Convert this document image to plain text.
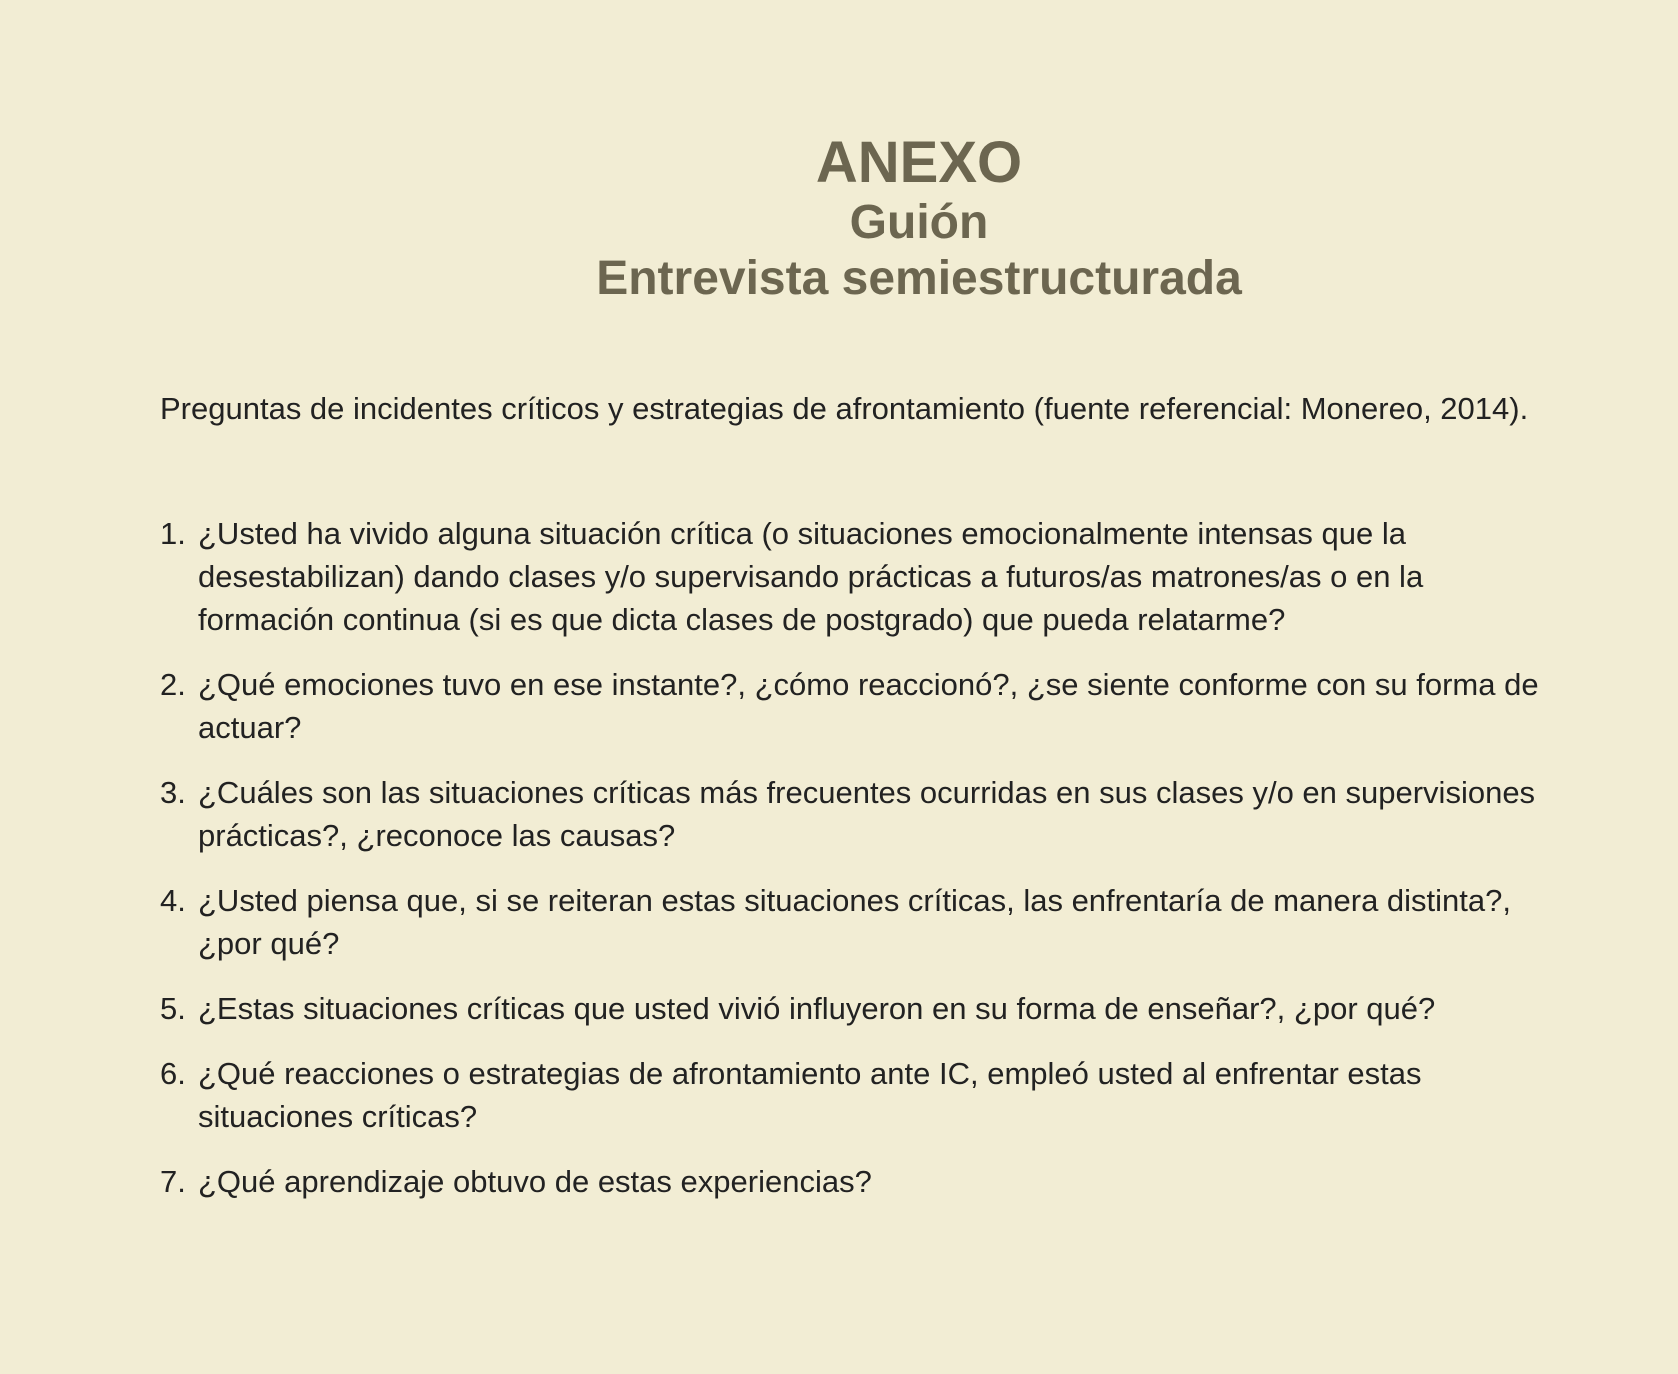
ANEXO
Guión
Entrevista semiestructurada
Preguntas de incidentes críticos y estrategias de afrontamiento (fuente referencial: Monereo, 2014).
1. ¿Usted ha vivido alguna situación crítica (o situaciones emocionalmente intensas que la desestabilizan) dando clases y/o supervisando prácticas a futuros/as matrones/as o en la formación continua (si es que dicta clases de postgrado) que pueda relatarme?
2. ¿Qué emociones tuvo en ese instante?, ¿cómo reaccionó?, ¿se siente conforme con su forma de actuar?
3. ¿Cuáles son las situaciones críticas más frecuentes ocurridas en sus clases y/o en supervisiones prácticas?, ¿reconoce las causas?
4. ¿Usted piensa que, si se reiteran estas situaciones críticas, las enfrentaría de manera distinta?, ¿por qué?
5. ¿Estas situaciones críticas que usted vivió influyeron en su forma de enseñar?, ¿por qué?
6. ¿Qué reacciones o estrategias de afrontamiento ante IC, empleó usted al enfrentar estas situaciones críticas?
7. ¿Qué aprendizaje obtuvo de estas experiencias?
